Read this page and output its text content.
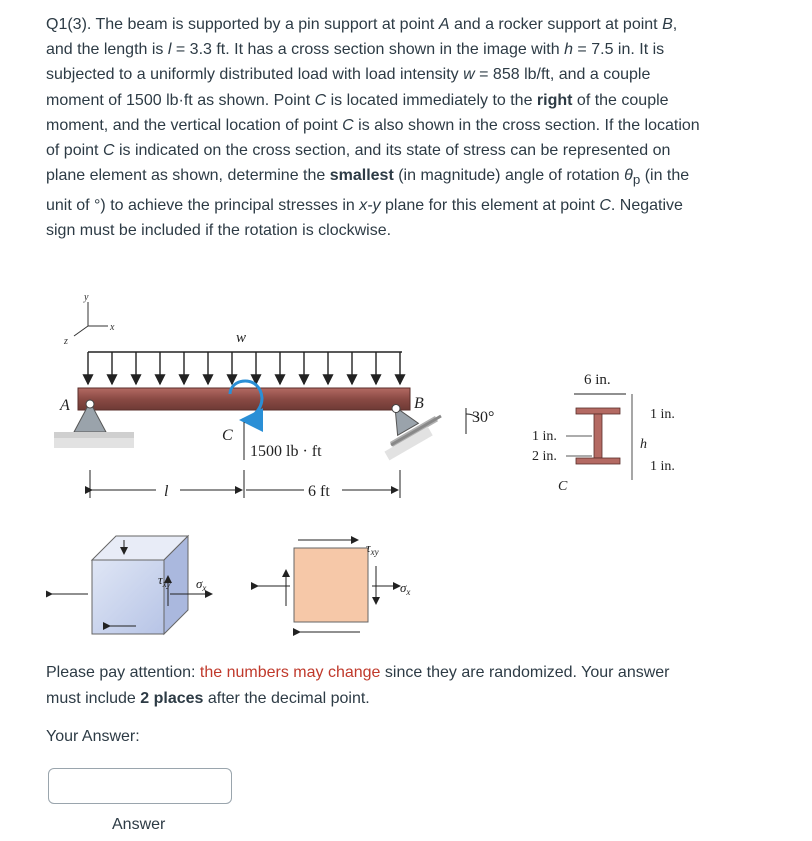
Q1(3). The beam is supported by a pin support at point A and a rocker support at point B, and the length is l = 3.3 ft. It has a cross section shown in the image with h = 7.5 in. It is subjected to a uniformly distributed load with load intensity w = 858 lb/ft, and a couple moment of 1500 lb·ft as shown. Point C is located immediately to the right of the couple moment, and the vertical location of point C is also shown in the cross section. If the location of point C is indicated on the cross section, and its state of stress can be represented on plane element as shown, determine the smallest (in magnitude) angle of rotation $\theta_p$ (in the unit of °) to achieve the principal stresses in x-y plane for this element at point C. Negative sign must be included if the rotation is clockwise.

y
x
z	w
A	B
30°
C
1500 lb · ft
l	6 ft
6 in.
1 in.
h
1 in.
1 in.
2 in.
C
$\tau_{xy}$ $\sigma_x$
$\tau_{xy}$
$\sigma_x$

Please pay attention: the numbers may change since they are randomized. Your answer must include 2 places after the decimal point.

Your Answer:
Answer
